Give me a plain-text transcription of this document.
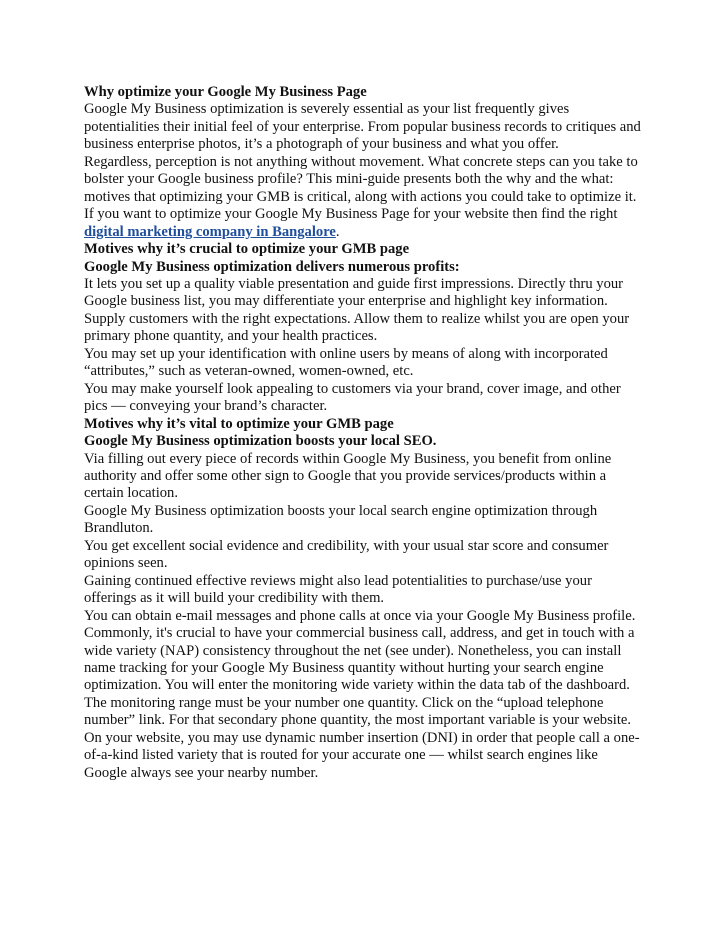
Why optimize your Google My Business Page

Google My Business optimization is severely essential as your list frequently gives potentialities their initial feel of your enterprise. From popular business records to critiques and business enterprise photos, it’s a photograph of your business and what you offer.

Regardless, perception is not anything without movement. What concrete steps can you take to bolster your Google business profile? This mini-guide presents both the why and the what: motives that optimizing your GMB is critical, along with actions you could take to optimize it.

If you want to optimize your Google My Business Page for your website then find the right digital marketing company in Bangalore.

Motives why it’s crucial to optimize your GMB page

Google My Business optimization delivers numerous profits:

It lets you set up a quality viable presentation and guide first impressions. Directly thru your Google business list, you may differentiate your enterprise and highlight key information. Supply customers with the right expectations. Allow them to realize whilst you are open your primary phone quantity, and your health practices.

You may set up your identification with online users by means of along with incorporated “attributes,” such as veteran-owned, women-owned, etc.

You may make yourself look appealing to customers via your brand, cover image, and other pics — conveying your brand’s character.

Motives why it’s vital to optimize your GMB page

Google My Business optimization boosts your local SEO.

Via filling out every piece of records within Google My Business, you benefit from online authority and offer some other sign to Google that you provide services/products within a certain location.

Google My Business optimization boosts your local search engine optimization through Brandluton.

You get excellent social evidence and credibility, with your usual star score and consumer opinions seen.

Gaining continued effective reviews might also lead potentialities to purchase/use your offerings as it will build your credibility with them.

You can obtain e-mail messages and phone calls at once via your Google My Business profile.

Commonly, it's crucial to have your commercial business call, address, and get in touch with a wide variety (NAP) consistency throughout the net (see under). Nonetheless, you can install name tracking for your Google My Business quantity without hurting your search engine optimization. You will enter the monitoring wide variety within the data tab of the dashboard. The monitoring range must be your number one quantity. Click on the “upload telephone number” link. For that secondary phone quantity, the most important variable is your website. On your website, you may use dynamic number insertion (DNI) in order that people call a one-of-a-kind listed variety that is routed for your accurate one — whilst search engines like Google always see your nearby number.
